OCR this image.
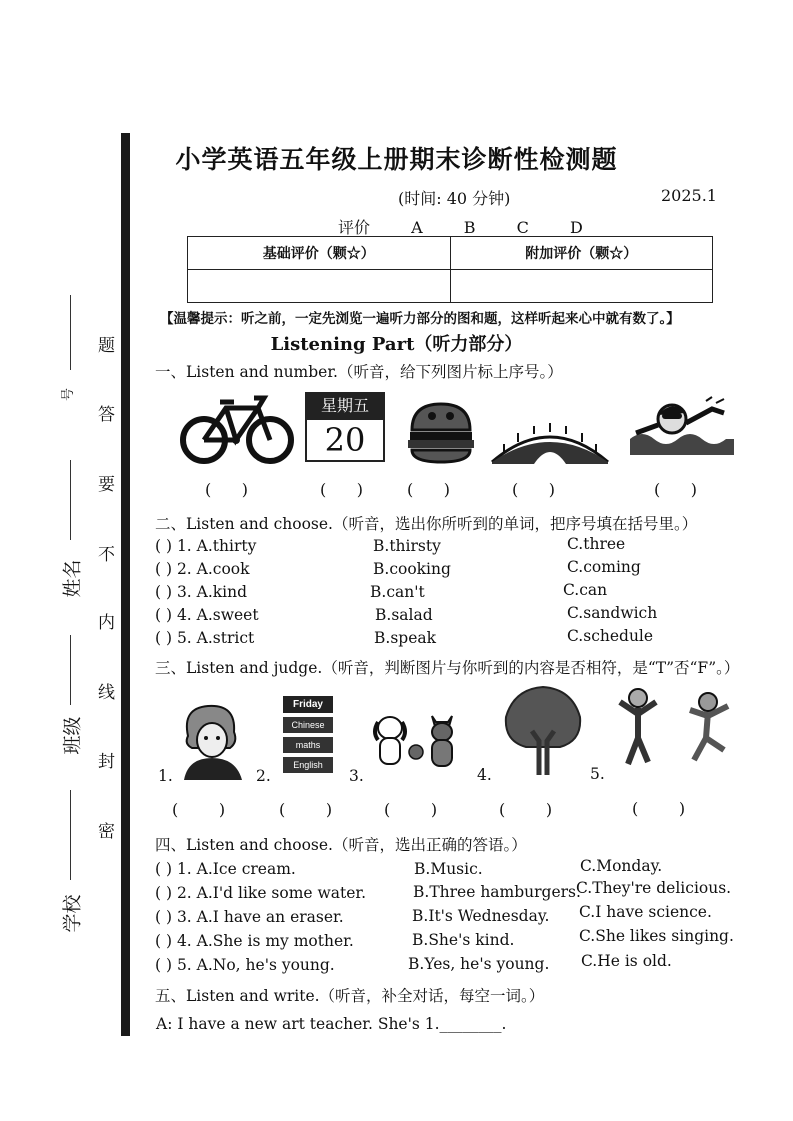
题
答
要
不
内
线
封
密
学校
班级
姓名
号
小学英语五年级上册期末诊断性检测题
(时间: 40 分钟)	2025.1
评价	A	B	C	D
基础评价（颗☆）	附加评价（颗☆）

【温馨提示：听之前，一定先浏览一遍听力部分的图和题，这样听起来心中就有数了。】
Listening Part（听力部分）
一、Listen and number.（听音，给下列图片标上序号。）
星期五
20
(      )	(      )	(      )	(      )	(      )
二、Listen and choose.（听音，选出你所听到的单词，把序号填在括号里。）
( ) 1. A.thirty	B.thirsty	C.three
( ) 2. A.cook	B.cooking	C.coming
( ) 3. A.kind	B.can't	C.can
( ) 4. A.sweet	B.salad	C.sandwich
( ) 5. A.strict	B.speak	C.schedule
三、Listen and judge.（听音，判断图片与你听到的内容是否相符，是“T”否“F”。）
1.	2.
Friday
Chinese
maths
English
3.	4.	5.
(        )	(        )	(        )	(        )	(        )
四、Listen and choose.（听音，选出正确的答语。）
( ) 1. A.Ice cream.	B.Music.	C.Monday.
( ) 2. A.I'd like some water.	B.Three hamburgers.
C.They're delicious.
( ) 3. A.I have an eraser.	B.It's Wednesday. C.I have science.
( ) 4. A.She is my mother.	B.She's kind.	C.She likes singing.
( ) 5. A.No, he's young.	B.Yes, he's young. C.He is old.
五、Listen and write.（听音，补全对话，每空一词。）
A: I have a new art teacher. She's 1.________.
